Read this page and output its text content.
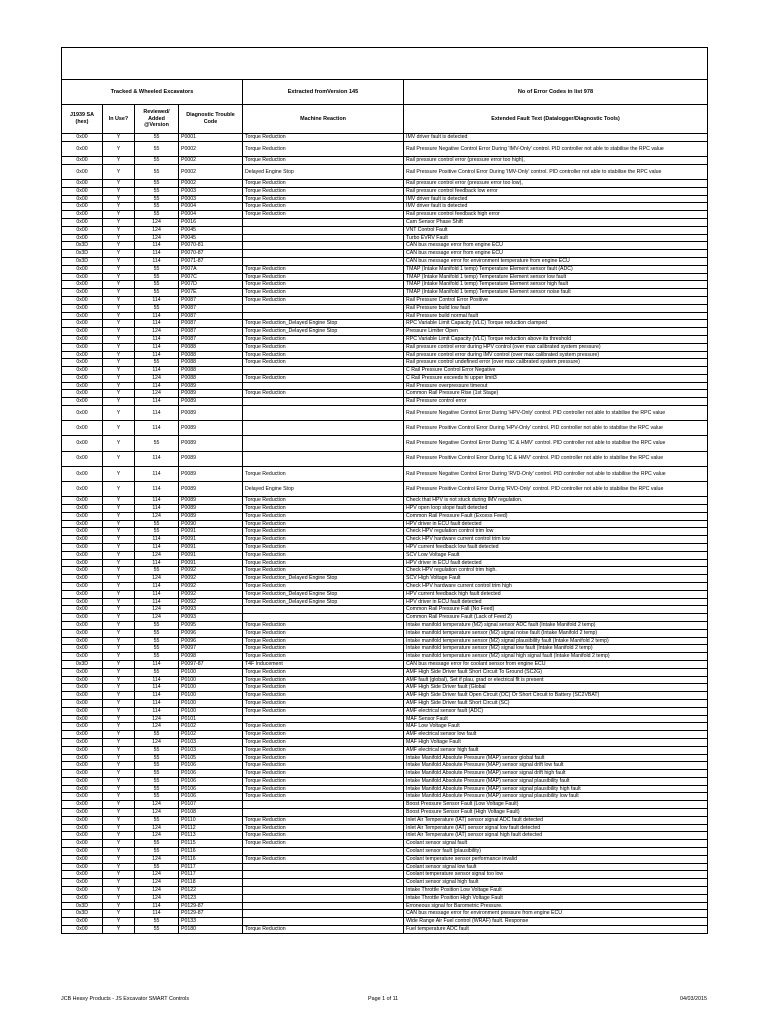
Tracked & Wheeled Excavators				Extracted fromVersion 145	No of Error Codes in list 978
J1939 SA (hex)	In Use?	Reviewed/ Added @Version	Diagnostic Trouble Code	Machine Reaction	Extended Fault Text (Datalogger/Diagnostic Tools)
0x00	Y	55	P0001	Torque Reduction	IMV driver fault is detected
0x00	Y	55	P0002	Torque Reduction	Rail Pressure Negative Control Error During 'IMV-Only' control. PID controller not able to stabilise the RPC value
0x00	Y	55	P0002	Torque Reduction	Rail pressure control error (pressure error too high),
0x00	Y	55	P0002	Delayed Engine Stop	Rail Pressure Positive Control Error During 'IMV-Only' control. PID controller not able to stabilise the RPC value
0x00	Y	55	P0002	Torque Reduction	Rail pressure control error (pressure error too low),
0x00	Y	55	P0003	Torque Reduction	Rail pressure control feedback low error
0x00	Y	55	P0003	Torque Reduction	IMV driver fault is detected
0x00	Y	55	P0004	Torque Reduction	IMV driver fault is detected
0x00	Y	55	P0004	Torque Reduction	Rail pressure control feedback high error
0x00	Y	124	P0016		Cam Sensor Phase Shift
0x00	Y	124	P0045		VNT Control Fault
0x00	Y	124	P0045		Turbo EVRV Fault
0x3D	Y	114	P0070-81		CAN bus message error from engine ECU
0x3D	Y	114	P0070-87		CAN bus message error from engine ECU
0x3D	Y	114	P0071-87		CAN bus message error for environment temperature from engine ECU
0x00	Y	55	P007A	Torque Reduction	TMAP (Intake Manifold 1 temp) Temperature Element sensor fault (ADC)
0x00	Y	55	P007C	Torque Reduction	TMAP (Intake Manifold 1 temp) Temperature Element sensor low fault
0x00	Y	55	P007D	Torque Reduction	TMAP (Intake Manifold 1 temp) Temperature Element sensor high fault
0x00	Y	55	P007E	Torque Reduction	TMAP (Intake Manifold 1 temp) Temperature Element sensor noise fault
0x00	Y	114	P0087	Torque Reduction	Rail Pressure Control Error Positive
0x00	Y	55	P0087		Rail Pressure build low fault
0x00	Y	114	P0087		Rail Pressure build normal fault
0x00	Y	114	P0087	Torque Reduction_Delayed Engine Stop	RPC Variable Limit Capacity (VLC) Torque reduction clamped
0x00	Y	124	P0087	Torque Reduction_Delayed Engine Stop	Pressure Limiter Open
0x00	Y	114	P0087	Torque Reduction	RPC Variable Limit Capacity (VLC) Torque reduction above its threshold
0x00	Y	114	P0088	Torque Reduction	Rail pressure control error during HPV control (over max calibrated system pressure)
0x00	Y	114	P0088	Torque Reduction	Rail pressure control error during IMV control (over max calibrated system pressure)
0x00	Y	55	P0088	Torque Reduction	Rail pressure control undefined error (over max calibrated system pressure)
0x00	Y	114	P0088		C Rail Pressure Control Error Negative
0x00	Y	124	P0088	Torque Reduction	C Rail Pressure exceeds hi upper limit3
0x00	Y	114	P0089		Rail Pressure overpressure timeout
0x00	Y	124	P0089	Torque Reduction	Common Rail Pressure Rise (1st Stage)
0x00	Y	114	P0089		Rail Pressure control error
0x00	Y	114	P0089		Rail Pressure Negative Control Error During 'HPV-Only' control. PID controller not able to stabilise the RPC value
0x00	Y	114	P0089		Rail Pressure Positive Control Error During 'HPV-Only' control. PID controller not able to stabilise the RPC value
0x00	Y	55	P0089		Rail Pressure Negative Control Error During 'IC & HMV' control. PID controller not able to stabilise the RPC value
0x00	Y	114	P0089		Rail Pressure Positive Control Error During 'IC & HMV' control. PID controller not able to stabilise the RPC value
0x00	Y	114	P0089	Torque Reduction	Rail Pressure Negative Control Error During 'RVD-Only' control. PID controller not able to stabilise the RPC value
0x00	Y	114	P0089	Delayed Engine Stop	Rail Pressure Positive Control Error During 'RVD-Only' control. PID controller not able to stabilise the RPC value
0x00	Y	114	P0089	Torque Reduction	Check that HPV is not stuck during IMV regulation.
0x00	Y	114	P0089	Torque Reduction	HPV open loop slope fault detected
0x00	Y	124	P0089	Torque Reduction	Common Rail Pressure Fault (Excess Feed)
0x00	Y	55	P0090	Torque Reduction	HPV driver in ECU fault detected
0x00	Y	55	P0091	Torque Reduction	Check HPV regulation control trim low
0x00	Y	114	P0091	Torque Reduction	Check HPV hardware current control trim low
0x00	Y	114	P0091	Torque Reduction	HPV current feedback low fault detected
0x00	Y	124	P0091	Torque Reduction	SCV Low Voltage Fault
0x00	Y	114	P0091	Torque Reduction	HPV driver in ECU fault detected
0x00	Y	55	P0092	Torque Reduction	Check HPV regulation control trim high.
0x00	Y	124	P0092	Torque Reduction_Delayed Engine Stop	SCV High Voltage Fault
0x00	Y	114	P0092	Torque Reduction	Check HPV hardware current control trim high
0x00	Y	114	P0092	Torque Reduction_Delayed Engine Stop	HPV current feedback high fault detected
0x00	Y	114	P0092	Torque Reduction_Delayed Engine Stop	HPV driver in ECU fault detected
0x00	Y	124	P0093		Common Rail Pressure Fall (No Feed)
0x00	Y	124	P0093		Common Rail Pressure Fault (Lack of Feed 2)
0x00	Y	55	P0095	Torque Reduction	Intake manifold temperature (M2) signal sensor ADC fault (Intake Manifold 2 temp)
0x00	Y	55	P0096	Torque Reduction	Intake manifold temperature sensor (M2) signal noise fault (Intake Manifold 2 temp)
0x00	Y	55	P0096	Torque Reduction	Intake manifold temperature sensor (M2) signal plausibility fault (Intake Manifold 2 temp)
0x00	Y	55	P0097	Torque Reduction	Intake manifold temperature sensor (M2) signal low fault (Intake Manifold 2 temp)
0x00	Y	55	P0098	Torque Reduction	Intake manifold temperature sensor (M2) signal high signal fault (Intake Manifold 2 temp)
0x3D	Y	114	P0097-87	T4F Inducement	CAN bus message error for coolant sensor from engine ECU
0x00	Y	55	P0100	Torque Reduction	AMF High Side Driver fault Short Circuit To Ground (SC2G)
0x00	Y	114	P0100	Torque Reduction	AMF fault (global), Set if plau, grad or electrical flt is present
0x00	Y	114	P0100	Torque Reduction	AMF High Side Driver fault (Global
0x00	Y	114	P0100	Torque Reduction	AMF High Side Driver fault Open Circuit (OC) Or Short Circuit to Battery (SC2VBAT)
0x00	Y	114	P0100	Torque Reduction	AMF High Side Driver fault Short Circuit (SC)
0x00	Y	114	P0100	Torque Reduction	AMF electrical sensor fault (ADC)
0x00	Y	124	P0101		MAF Sensor Fault
0x00	Y	124	P0102	Torque Reduction	MAF Low Voltage Fault
0x00	Y	55	P0102	Torque Reduction	AMF electrical sensor low fault
0x00	Y	124	P0103	Torque Reduction	MAF High Voltage Fault
0x00	Y	55	P0103	Torque Reduction	AMF electrical sensor high fault
0x00	Y	55	P0105	Torque Reduction	Intake Manifold Absolute Pressure (MAP) sensor global fault
0x00	Y	55	P0106	Torque Reduction	Intake Manifold Absolute Pressure (MAP) sensor signal drift low fault
0x00	Y	55	P0106	Torque Reduction	Intake Manifold Absolute Pressure (MAP) sensor signal drift high fault
0x00	Y	55	P0106	Torque Reduction	Intake Manifold Absolute Pressure (MAP) sensor signal plausibility fault
0x00	Y	55	P0106	Torque Reduction	Intake Manifold Absolute Pressure (MAP) sensor signal plausibility high fault
0x00	Y	55	P0106	Torque Reduction	Intake Manifold Absolute Pressure (MAP) sensor signal plausibility low fault
0x00	Y	124	P0107		Boost Pressure Sensor Fault (Low Voltage Fault)
0x00	Y	124	P0108		Boost Pressure Sensor Fault (High Voltage Fault)
0x00	Y	55	P0110	Torque Reduction	Inlet Air Temperature (IAT) sensor signal ADC fault detected
0x00	Y	124	P0112	Torque Reduction	Inlet Air Temperature (IAT) sensor signal low fault detected
0x00	Y	124	P0113	Torque Reduction	Inlet Air Temperature (IAT) sensor signal high fault detected
0x00	Y	55	P0115	Torque Reduction	Coolant sensor signal fault
0x00	Y	55	P0116		Coolant sensor fault (plausibility)
0x00	Y	124	P0116	Torque Reduction	Coolant temperature sensor performance invalid
0x00	Y	55	P0117		Coolant sensor signal low fault
0x00	Y	124	P0117		Coolant temperature sensor signal too low
0x00	Y	124	P0118		Coolant sensor signal high fault
0x00	Y	124	P0122		Intake Throttle Position Low Voltage Fault
0x00	Y	124	P0123		Intake Throttle Position High Voltage Fault
0x3D	Y	114	P0129-87		Erroneous signal for Barometric Pressure.
0x3D	Y	114	P0129-87		CAN bus message error for environment pressure from engine ECU
0x00	Y	55	P0133		Wide Range Air Fuel control (WRAF) fault. Response
0x00	Y	55	P0180	Torque Reduction	Fuel temperature ADC fault
JCB Heavy Products - JS Excavator SMART Controls	Page 1 of 11	04/03/2015
